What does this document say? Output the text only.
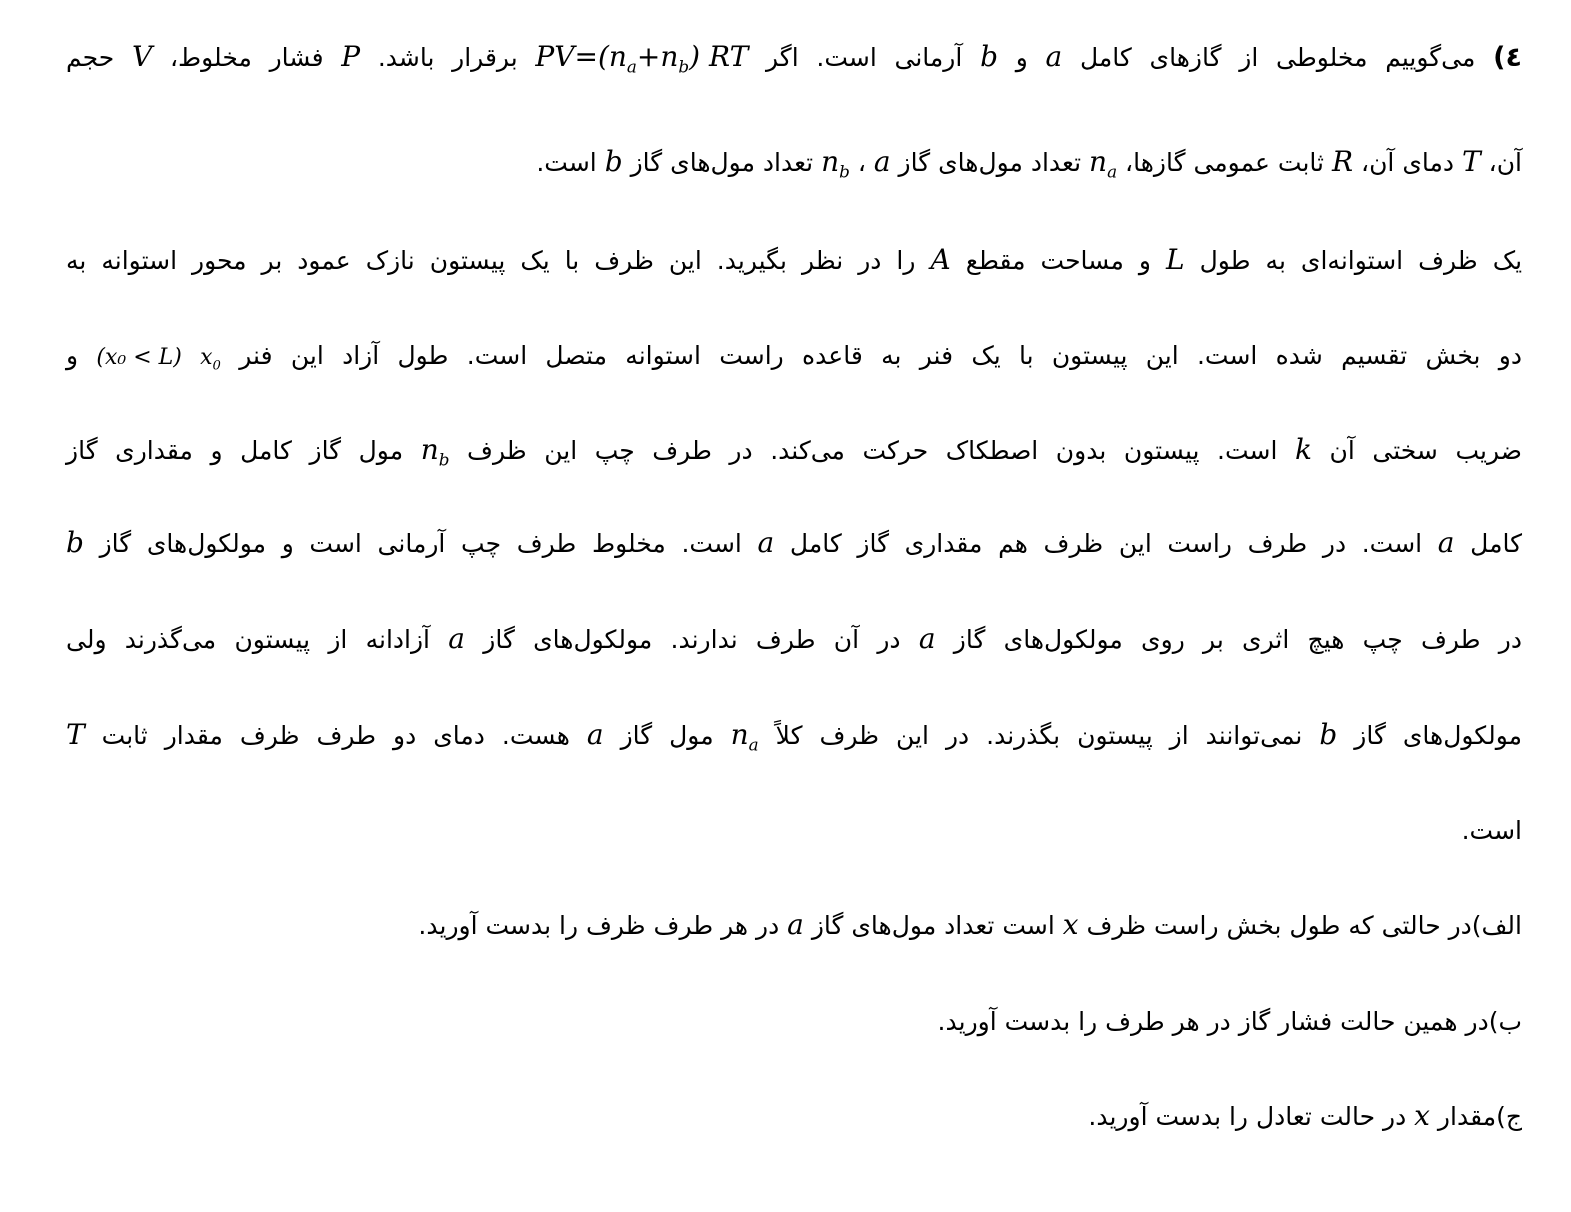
٤) می‌گوییم مخلوطی از گازهای کامل a و b آرمانی است. اگر $PV=(n_a+n_b)$ RT برقرار باشد. P فشار مخلوط، V حجم
آن، T دمای آن، R ثابت عمومی گازها، $n_a$ تعداد مول‌های گاز a ، $n_b$ تعداد مول‌های گاز b است.
یک ظرف استوانه‌ای به طول L و مساحت مقطع A را در نظر بگیرید. این ظرف با یک پیستون نازک عمود بر محور استوانه به
دو بخش تقسیم شده است. این پیستون با یک فنر به قاعده راست استوانه متصل است. طول آزاد این فنر $x_0$ (x₀ < L) و
ضریب سختی آن k است. پیستون بدون اصطکاک حرکت می‌کند. در طرف چپ این ظرف $n_b$ مول گاز کامل و مقداری گاز
کامل a است. در طرف راست این ظرف هم مقداری گاز کامل a است. مخلوط طرف چپ آرمانی است و مولکول‌های گاز b
در طرف چپ هیچ اثری بر روی مولکول‌های گاز a در آن طرف ندارند. مولکول‌های گاز a آزادانه از پیستون می‌گذرند ولی
مولکول‌های گاز b نمی‌توانند از پیستون بگذرند. در این ظرف کلاً $n_a$ مول گاز a هست. دمای دو طرف ظرف مقدار ثابت T
است.
الف)در حالتی که طول بخش راست ظرف x است تعداد مول‌های گاز a در هر طرف ظرف را بدست آورید.
ب)در همین حالت فشار گاز در هر طرف را بدست آورید.
ج)مقدار x در حالت تعادل را بدست آورید.
